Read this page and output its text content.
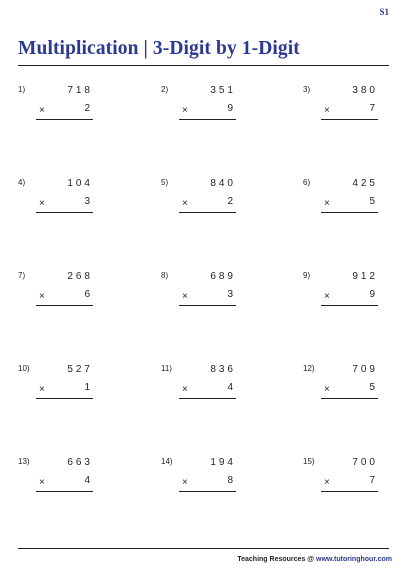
S1
Multiplication | 3-Digit by 1-Digit
1)	718
×	2
2)	351
×	9
3)	380
×	7
4)	104
×	3
5)	840
×	2
6)	425
×	5
7)	268
×	6
8)	689
×	3
9)	912
×	9
10)	527
×	1
11)	836
×	4
12)	709
×	5
13)	663
×	4
14)	194
×	8
15)	700
×	7
Teaching Resources @ www.tutoringhour.com
